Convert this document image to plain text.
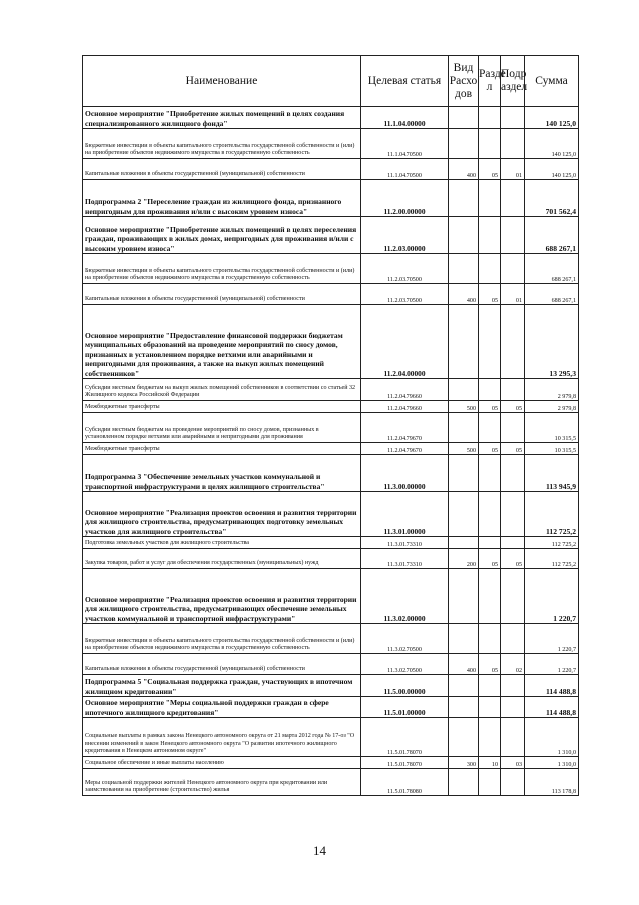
Наименование	Целевая статья	Вид Расхо дов	Разде л	Подр аздел	Сумма
Основное мероприятие "Приобретение жилых помещений в целях создания специализированного жилищного фонда"	11.1.04.00000				140 125,0
Бюджетные инвестиции в объекты капитального строительства государственной собственности и (или) на приобретение объектов недвижимого имущества в государственную собственность	11.1.04.70500				140 125,0
Капитальные вложения в объекты государственной (муниципальной) собственности	11.1.04.70500	400	05	01	140 125,0
Подпрограмма 2 "Переселение граждан из жилищного фонда, признанного непригодным для проживания и/или с высоким уровнем износа"	11.2.00.00000				701 562,4
Основное мероприятие "Приобретение жилых помещений в целях переселения граждан, проживающих в жилых домах, непригодных для проживания и/или с высоким уровнем износа"	11.2.03.00000				688 267,1
Бюджетные инвестиции в объекты капитального строительства государственной собственности и (или) на приобретение объектов недвижимого имущества в государственную собственность	11.2.03.70500				688 267,1
Капитальные вложения в объекты государственной (муниципальной) собственности	11.2.03.70500	400	05	01	688 267,1
Основное мероприятие "Предоставление финансовой поддержки бюджетам муниципальных образований на проведение мероприятий по сносу домов, признанных в установленном порядке ветхими или аварийными и непригодными для проживания, а также на выкуп жилых помещений собственников"	11.2.04.00000				13 295,3
Субсидии местным бюджетам на выкуп жилых помещений собственников в соответствии со статьей 32 Жилищного кодекса Российской Федерации	11.2.04.79660				2 979,8
Межбюджетные трансферты	11.2.04.79660	500	05	05	2 979,8
Субсидии местным бюджетам на проведение мероприятий по сносу домов, признанных в установленном порядке ветхими или аварийными и непригодными для проживания	11.2.04.79670				10 315,5
Межбюджетные трансферты	11.2.04.79670	500	05	05	10 315,5
Подпрограмма 3 "Обеспечение земельных участков коммунальной и транспортной инфраструктурами в целях жилищного строительства"	11.3.00.00000				113 945,9
Основное мероприятие "Реализация проектов освоения и развития территории для жилищного строительства, предусматривающих подготовку земельных участков для жилищного строительства"	11.3.01.00000				112 725,2
Подготовка земельных участков для жилищного строительства	11.3.01.73310				112 725,2
Закупка товаров, работ и услуг для обеспечения государственных (муниципальных) нужд	11.3.01.73310	200	05	05	112 725,2
Основное мероприятие "Реализация проектов освоения и развития территории для жилищного строительства, предусматривающих обеспечение земельных участков коммунальной и транспортной инфраструктурами"	11.3.02.00000				1 220,7
Бюджетные инвестиции в объекты капитального строительства государственной собственности и (или) на приобретение объектов недвижимого имущества в государственную собственность	11.3.02.70500				1 220,7
Капитальные вложения в объекты государственной (муниципальной) собственности	11.3.02.70500	400	05	02	1 220,7
Подпрограмма 5 "Социальная поддержка граждан, участвующих в ипотечном жилищном кредитовании"	11.5.00.00000				114 488,8
Основное мероприятие "Меры социальной поддержки граждан в сфере ипотечного жилищного кредитования"	11.5.01.00000				114 488,8
Социальные выплаты в рамках закона Ненецкого автономного округа от 21 марта 2012 года № 17-оз "О внесении изменений в закон Ненецкого автономного округа "О развитии ипотечного жилищного кредитования в Ненецком автономном округе"	11.5.01.78070				1 310,0
Социальное обеспечение и иные выплаты населению	11.5.01.78070	300	10	03	1 310,0
Меры социальной поддержки жителей Ненецкого автономного округа при кредитовании или заимствовании на приобретение (строительство) жилья	11.5.01.78080				113 178,8
14
